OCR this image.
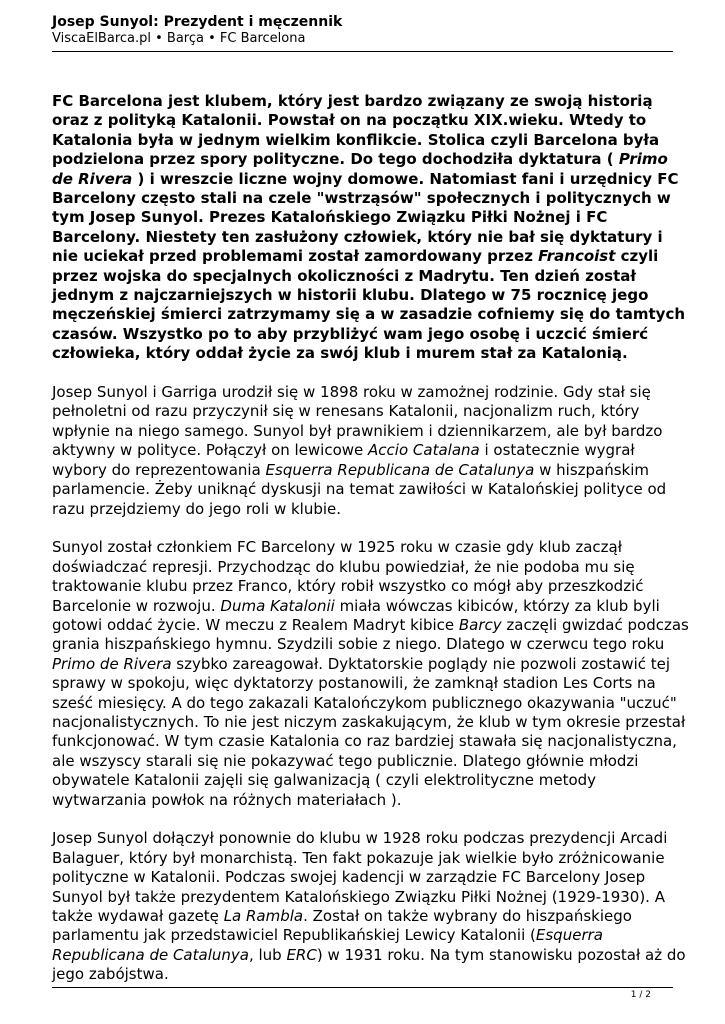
Josep Sunyol: Prezydent i męczennik
ViscaElBarca.pl • Barça • FC Barcelona

FC Barcelona jest klubem, który jest bardzo związany ze swoją historią
oraz z polityką Katalonii. Powstał on na początku XIX.wieku. Wtedy to
Katalonia była w jednym wielkim konflikcie. Stolica czyli Barcelona była
podzielona przez spory polityczne. Do tego dochodziła dyktatura ( Primo
de Rivera ) i wreszcie liczne wojny domowe. Natomiast fani i urzędnicy FC
Barcelony często stali na czele "wstrząsów" społecznych i politycznych w
tym Josep Sunyol. Prezes Katalońskiego Związku Piłki Nożnej i FC
Barcelony. Niestety ten zasłużony człowiek, który nie bał się dyktatury i
nie uciekał przed problemami został zamordowany przez Francoist czyli
przez wojska do specjalnych okoliczności z Madrytu. Ten dzień został
jednym z najczarniejszych w historii klubu. Dlatego w 75 rocznicę jego
męczeńskiej śmierci zatrzymamy się a w zasadzie cofniemy się do tamtych
czasów. Wszystko po to aby przybliżyć wam jego osobę i uczcić śmierć
człowieka, który oddał życie za swój klub i murem stał za Katalonią.

Josep Sunyol i Garriga urodził się w 1898 roku w zamożnej rodzinie. Gdy stał się
pełnoletni od razu przyczynił się w renesans Katalonii, nacjonalizm ruch, który
wpłynie na niego samego. Sunyol był prawnikiem i dziennikarzem, ale był bardzo
aktywny w polityce. Połączył on lewicowe Accio Catalana i ostatecznie wygrał
wybory do reprezentowania Esquerra Republicana de Catalunya w hiszpańskim
parlamencie. Żeby uniknąć dyskusji na temat zawiłości w Katalońskiej polityce od
razu przejdziemy do jego roli w klubie.

Sunyol został członkiem FC Barcelony w 1925 roku w czasie gdy klub zaczął
doświadczać represji. Przychodząc do klubu powiedział, że nie podoba mu się
traktowanie klubu przez Franco, który robił wszystko co mógł aby przeszkodzić
Barcelonie w rozwoju. Duma Katalonii miała wówczas kibiców, którzy za klub byli
gotowi oddać życie. W meczu z Realem Madryt kibice Barcy zaczęli gwizdać podczas
grania hiszpańskiego hymnu. Szydzili sobie z niego. Dlatego w czerwcu tego roku
Primo de Rivera szybko zareagował. Dyktatorskie poglądy nie pozwoli zostawić tej
sprawy w spokoju, więc dyktatorzy postanowili, że zamknął stadion Les Corts na
sześć miesięcy. A do tego zakazali Katalończykom publicznego okazywania "uczuć"
nacjonalistycznych. To nie jest niczym zaskakującym, że klub w tym okresie przestał
funkcjonować. W tym czasie Katalonia co raz bardziej stawała się nacjonalistyczna,
ale wszyscy starali się nie pokazywać tego publicznie. Dlatego głównie młodzi
obywatele Katalonii zajęli się galwanizacją ( czyli elektrolityczne metody
wytwarzania powłok na różnych materiałach ).

Josep Sunyol dołączył ponownie do klubu w 1928 roku podczas prezydencji Arcadi
Balaguer, który był monarchistą. Ten fakt pokazuje jak wielkie było zróżnicowanie
polityczne w Katalonii. Podczas swojej kadencji w zarządzie FC Barcelony Josep
Sunyol był także prezydentem Katalońskiego Związku Piłki Nożnej (1929-1930). A
także wydawał gazetę La Rambla. Został on także wybrany do hiszpańskiego
parlamentu jak przedstawiciel Republikańskiej Lewicy Katalonii (Esquerra
Republicana de Catalunya, lub ERC) w 1931 roku. Na tym stanowisku pozostał aż do
jego zabójstwa.

1 / 2
